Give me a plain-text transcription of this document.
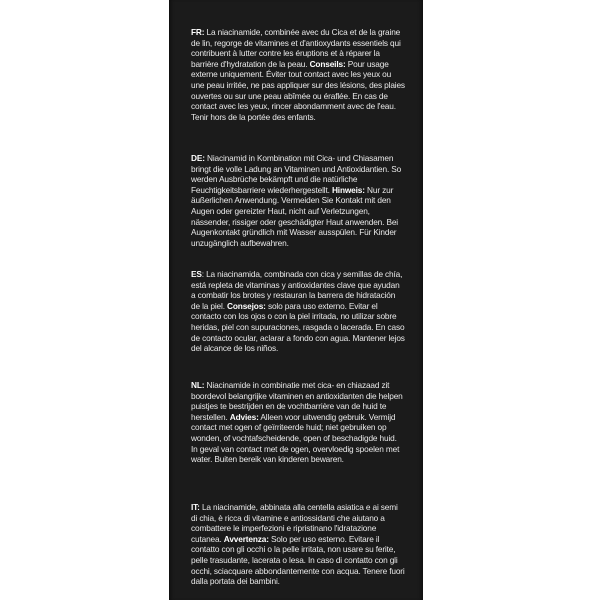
FR: La niacinamide, combinée avec du Cica et de la graine de lin, regorge de vitamines et d'antioxydants essentiels qui contribuent à lutter contre les éruptions et à réparer la barrière d'hydratation de la peau. Conseils: Pour usage externe uniquement. Éviter tout contact avec les yeux ou une peau irritée, ne pas appliquer sur des lésions, des plaies ouvertes ou sur une peau abîmée ou éraflée. En cas de contact avec les yeux, rincer abondamment avec de l'eau. Tenir hors de la portée des enfants.

DE: Niacinamid in Kombination mit Cica- und Chiasamen bringt die volle Ladung an Vitaminen und Antioxidantien. So werden Ausbrüche bekämpft und die natürliche Feuchtigkeitsbarriere wiederhergestellt. Hinweis: Nur zur äußerlichen Anwendung. Vermeiden Sie Kontakt mit den Augen oder gereizter Haut, nicht auf Verletzungen, nässender, rissiger oder geschädigter Haut anwenden. Bei Augenkontakt gründlich mit Wasser ausspülen. Für Kinder unzugänglich aufbewahren.

ES: La niacinamida, combinada con cica y semillas de chía, está repleta de vitaminas y antioxidantes clave que ayudan a combatir los brotes y restauran la barrera de hidratación de la piel. Consejos: solo para uso externo. Evitar el contacto con los ojos o con la piel irritada, no utilizar sobre heridas, piel con supuraciones, rasgada o lacerada. En caso de contacto ocular, aclarar a fondo con agua. Mantener lejos del alcance de los niños.

NL: Niacinamide in combinatie met cica- en chiazaad zit boordevol belangrijke vitaminen en antioxidanten die helpen puistjes te bestrijden en de vochtbarrière van de huid te herstellen. Advies: Alleen voor uitwendig gebruik. Vermijd contact met ogen of geïrriteerde huid; niet gebruiken op wonden, of vochtafscheidende, open of beschadigde huid. In geval van contact met de ogen, overvloedig spoelen met water. Buiten bereik van kinderen bewaren.

IT: La niacinamide, abbinata alla centella asiatica e ai semi di chia, è ricca di vitamine e antiossidanti che aiutano a combattere le imperfezioni e ripristinano l'idratazione cutanea. Avvertenza: Solo per uso esterno. Evitare il contatto con gli occhi o la pelle irritata, non usare su ferite, pelle trasudante, lacerata o lesa. In caso di contatto con gli occhi, sciacquare abbondantemente con acqua. Tenere fuori dalla portata dei bambini.
